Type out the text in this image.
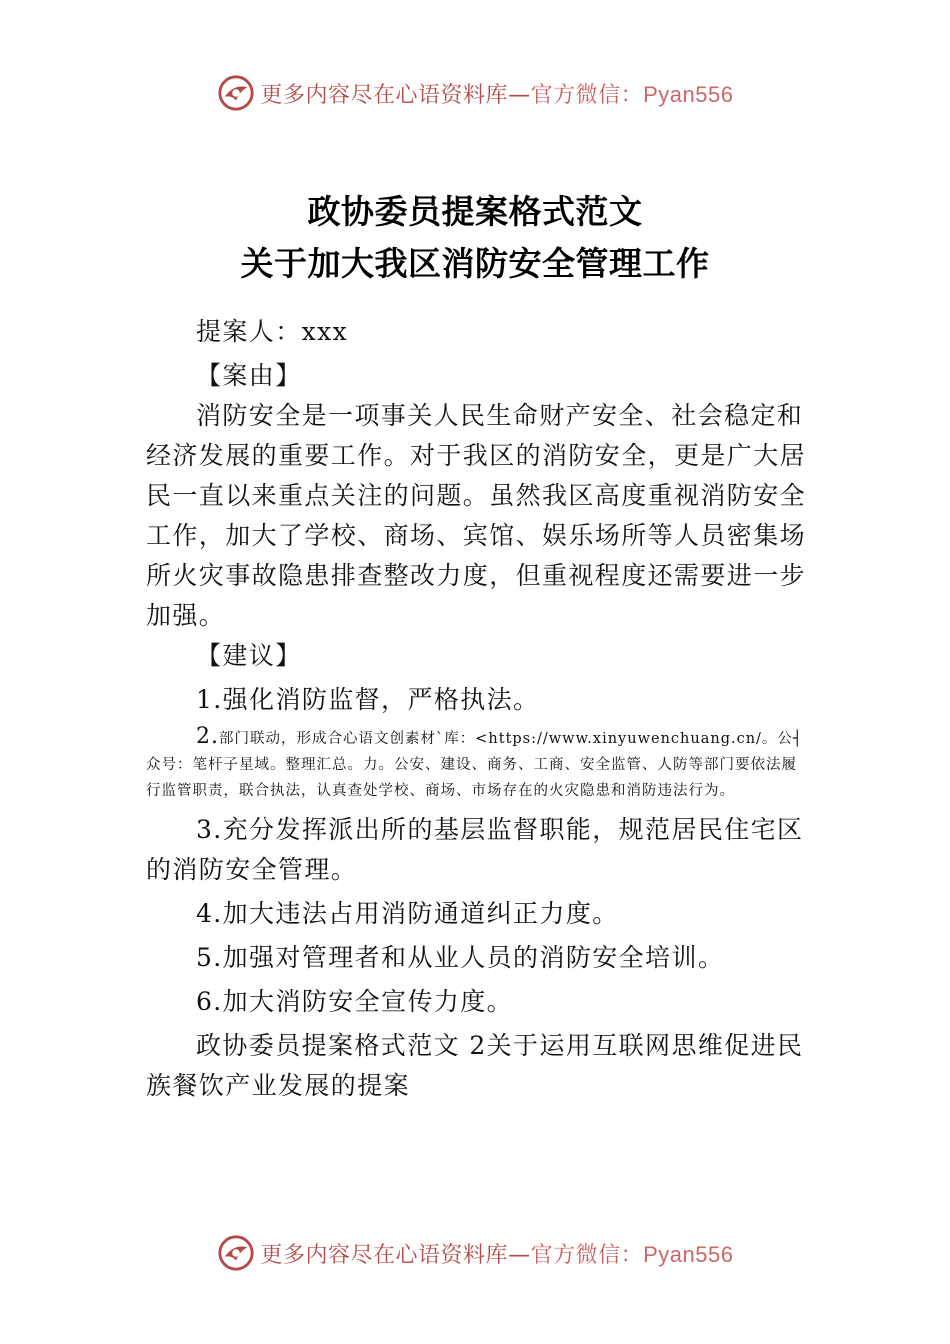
更多内容尽在心语资料库—官方微信：Pyan556
政协委员提案格式范文
关于加大我区消防安全管理工作

提案人：xxx

【案由】

消防安全是一项事关人民生命财产安全、社会稳定和经济发展的重要工作。对于我区的消防安全，更是广大居民一直以来重点关注的问题。虽然我区高度重视消防安全工作，加大了学校、商场、宾馆、娱乐场所等人员密集场所火灾事故隐患排查整改力度，但重视程度还需要进一步加强。

【建议】

1.强化消防监督，严格执法。

2.部门联动，形成合心语文创素材`库：<https://www.xinyuwenchuang.cn/。公┤众号：笔杆子星域。整理汇总。力。公安、建设、商务、工商、安全监管、人防等部门要依法履行监管职责，联合执法，认真查处学校、商场、市场存在的火灾隐患和消防违法行为。

3.充分发挥派出所的基层监督职能，规范居民住宅区的消防安全管理。

4.加大违法占用消防通道纠正力度。

5.加强对管理者和从业人员的消防安全培训。

6.加大消防安全宣传力度。

政协委员提案格式范文 2关于运用互联网思维促进民族餐饮产业发展的提案

更多内容尽在心语资料库—官方微信：Pyan556
